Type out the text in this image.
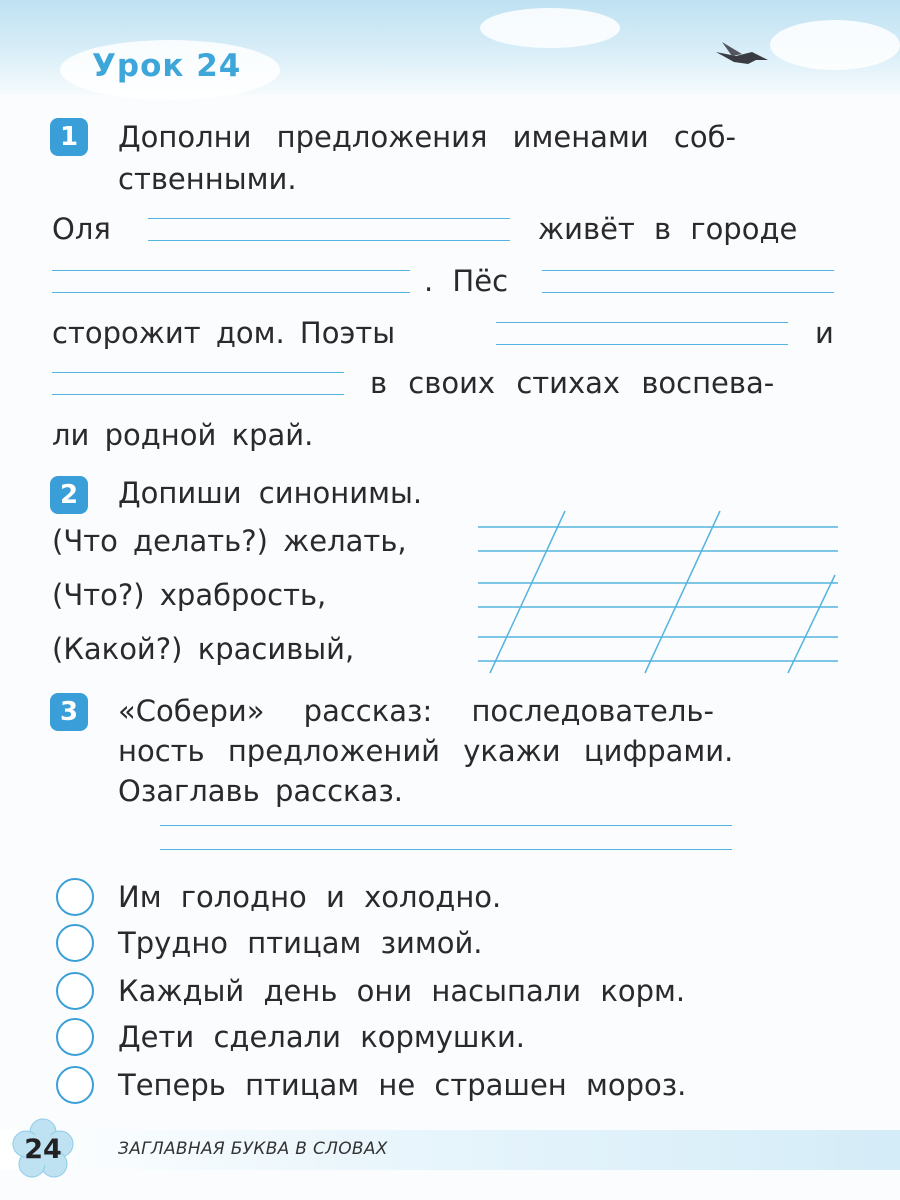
Урок 24
1	Дополни предложения именами соб-
ственными.
Оля	живёт в городе
. Пёс
сторожит дом. Поэты	и
в своих стихах воспева-
ли родной край.
2	Допиши синонимы.
(Что делать?) желать,
(Что?) храбрость,
(Какой?) красивый,
3	«Собери» рассказ: последователь-
ность предложений укажи цифрами.
Озаглавь рассказ.
Им голодно и холодно.
Трудно птицам зимой.
Каждый день они насыпали корм.
Дети сделали кормушки.
Теперь птицам не страшен мороз.
24	ЗАГЛАВНАЯ БУКВА В СЛОВАХ
